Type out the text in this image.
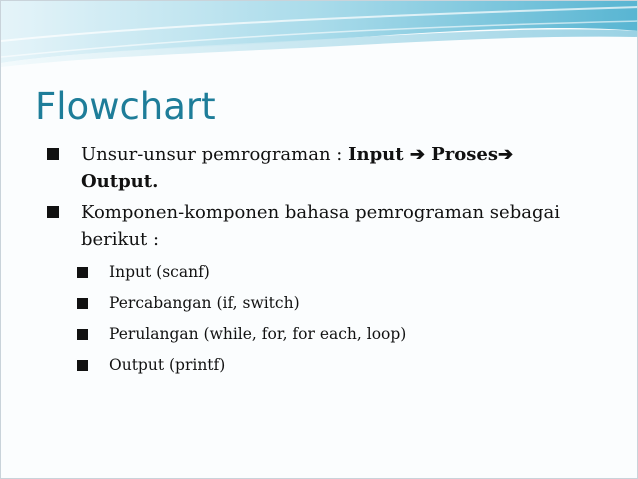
Flowchart
Unsur-unsur pemrograman : Input ➔ Proses➔
Output.
Komponen-komponen bahasa pemrograman sebagai berikut :
Input (scanf)
Percabangan (if, switch)
Perulangan (while, for, for each, loop)
Output (printf)
